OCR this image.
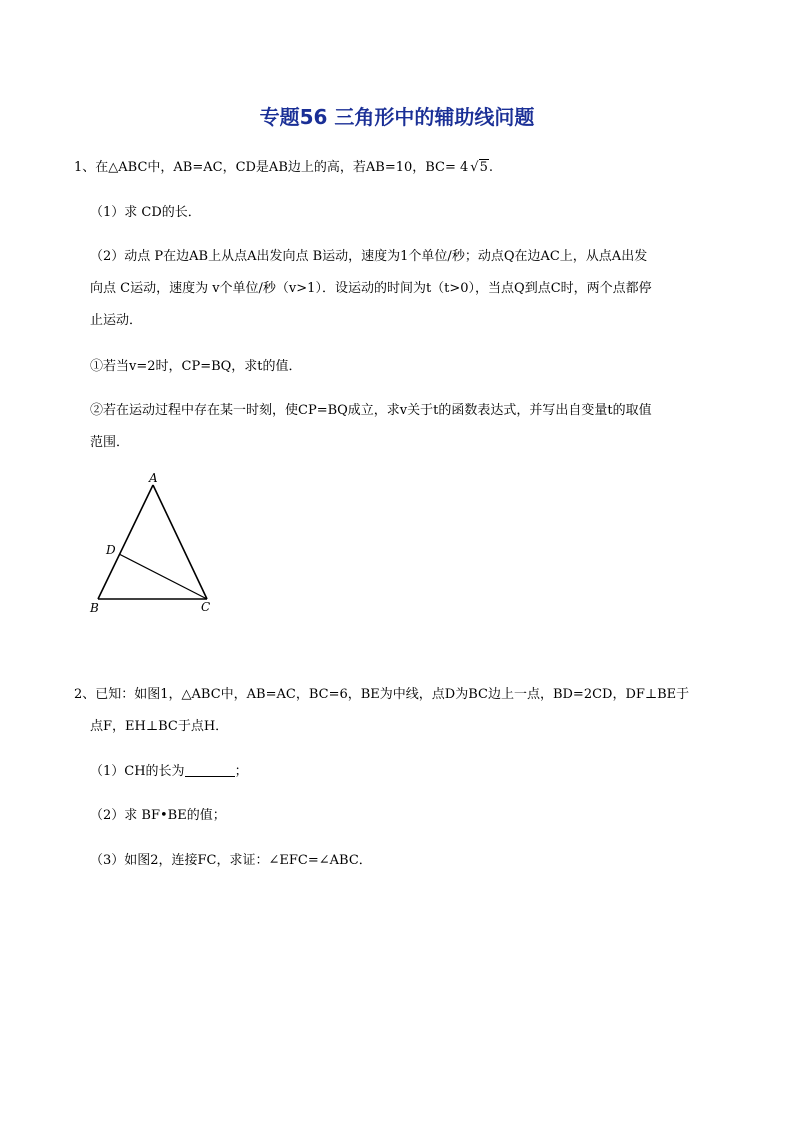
专题56 三角形中的辅助线问题
1、在△ABC中，AB=AC，CD是AB边上的高，若AB=10，BC= 4 √5.
（1）求 CD的长．
（2）动点 P在边AB上从点A出发向点 B运动，速度为1个单位/秒；动点Q在边AC上，从点A出发
向点 C运动，速度为 v个单位/秒（v>1）．设运动的时间为t（t>0），当点Q到点C时，两个点都停
止运动．
①若当v=2时，CP=BQ，求t的值．
②若在运动过程中存在某一时刻，使CP=BQ成立，求v关于t的函数表达式，并写出自变量t的取值
范围．
A
B	C
D
2、已知：如图1，△ABC中，AB=AC，BC=6，BE为中线，点D为BC边上一点，BD=2CD，DF⊥BE于
点F，EH⊥BC于点H．
（1）CH的长为	；
（2）求 BF•BE的值；
（3）如图2，连接FC，求证：∠EFC=∠ABC．
